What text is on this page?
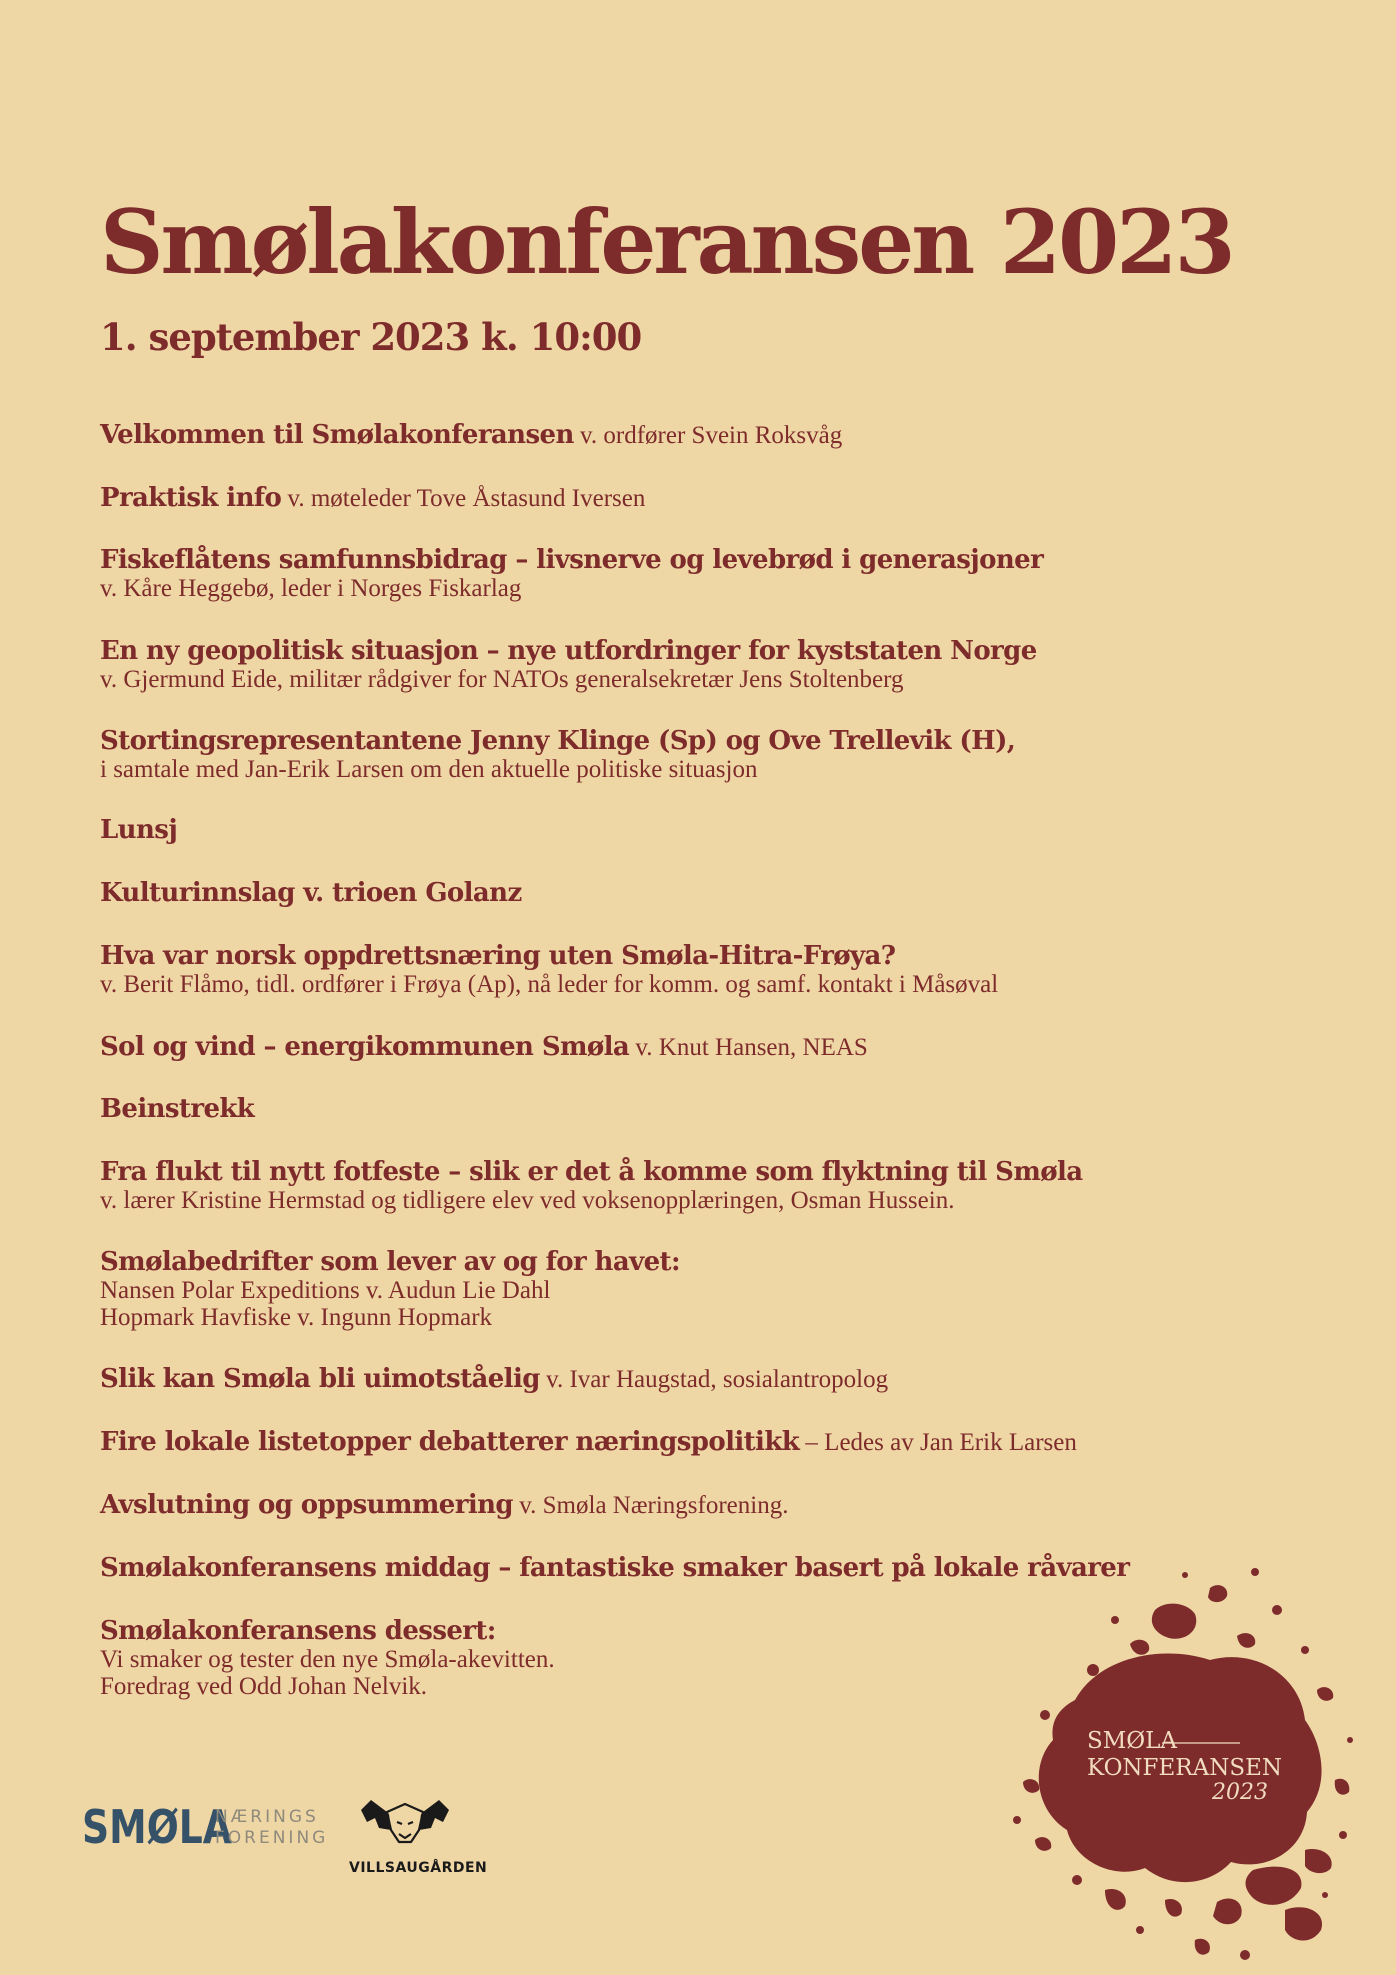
Smølakonferansen 2023
1. september 2023 k. 10:00
Velkommen til Smølakonferansen v. ordfører Svein Roksvåg
Praktisk info v. møteleder Tove Åstasund Iversen
Fiskeflåtens samfunnsbidrag – livsnerve og levebrød i generasjoner
v. Kåre Heggebø, leder i Norges Fiskarlag
En ny geopolitisk situasjon – nye utfordringer for kyststaten Norge
v. Gjermund Eide, militær rådgiver for NATOs generalsekretær Jens Stoltenberg
Stortingsrepresentantene Jenny Klinge (Sp) og Ove Trellevik (H),
i samtale med Jan-Erik Larsen om den aktuelle politiske situasjon
Lunsj
Kulturinnslag v. trioen Golanz
Hva var norsk oppdrettsnæring uten Smøla-Hitra-Frøya?
v. Berit Flåmo, tidl. ordfører i Frøya (Ap), nå leder for komm. og samf. kontakt i Måsøval
Sol og vind – energikommunen Smøla v. Knut Hansen, NEAS
Beinstrekk
Fra flukt til nytt fotfeste – slik er det å komme som flyktning til Smøla
v. lærer Kristine Hermstad og tidligere elev ved voksenopplæringen, Osman Hussein.
Smølabedrifter som lever av og for havet:
Nansen Polar Expeditions v. Audun Lie Dahl
Hopmark Havfiske v. Ingunn Hopmark
Slik kan Smøla bli uimotståelig v. Ivar Haugstad, sosialantropolog
Fire lokale listetopper debatterer næringspolitikk – Ledes av Jan Erik Larsen
Avslutning og oppsummering v. Smøla Næringsforening.
Smølakonferansens middag – fantastiske smaker basert på lokale råvarer
Smølakonferansens dessert:
Vi smaker og tester den nye Smøla-akevitten.
Foredrag ved Odd Johan Nelvik.
SMØLA
NÆRINGS
FORENING
VILLSAUGÅRDEN
SMØLA
KONFERANSEN
2023
